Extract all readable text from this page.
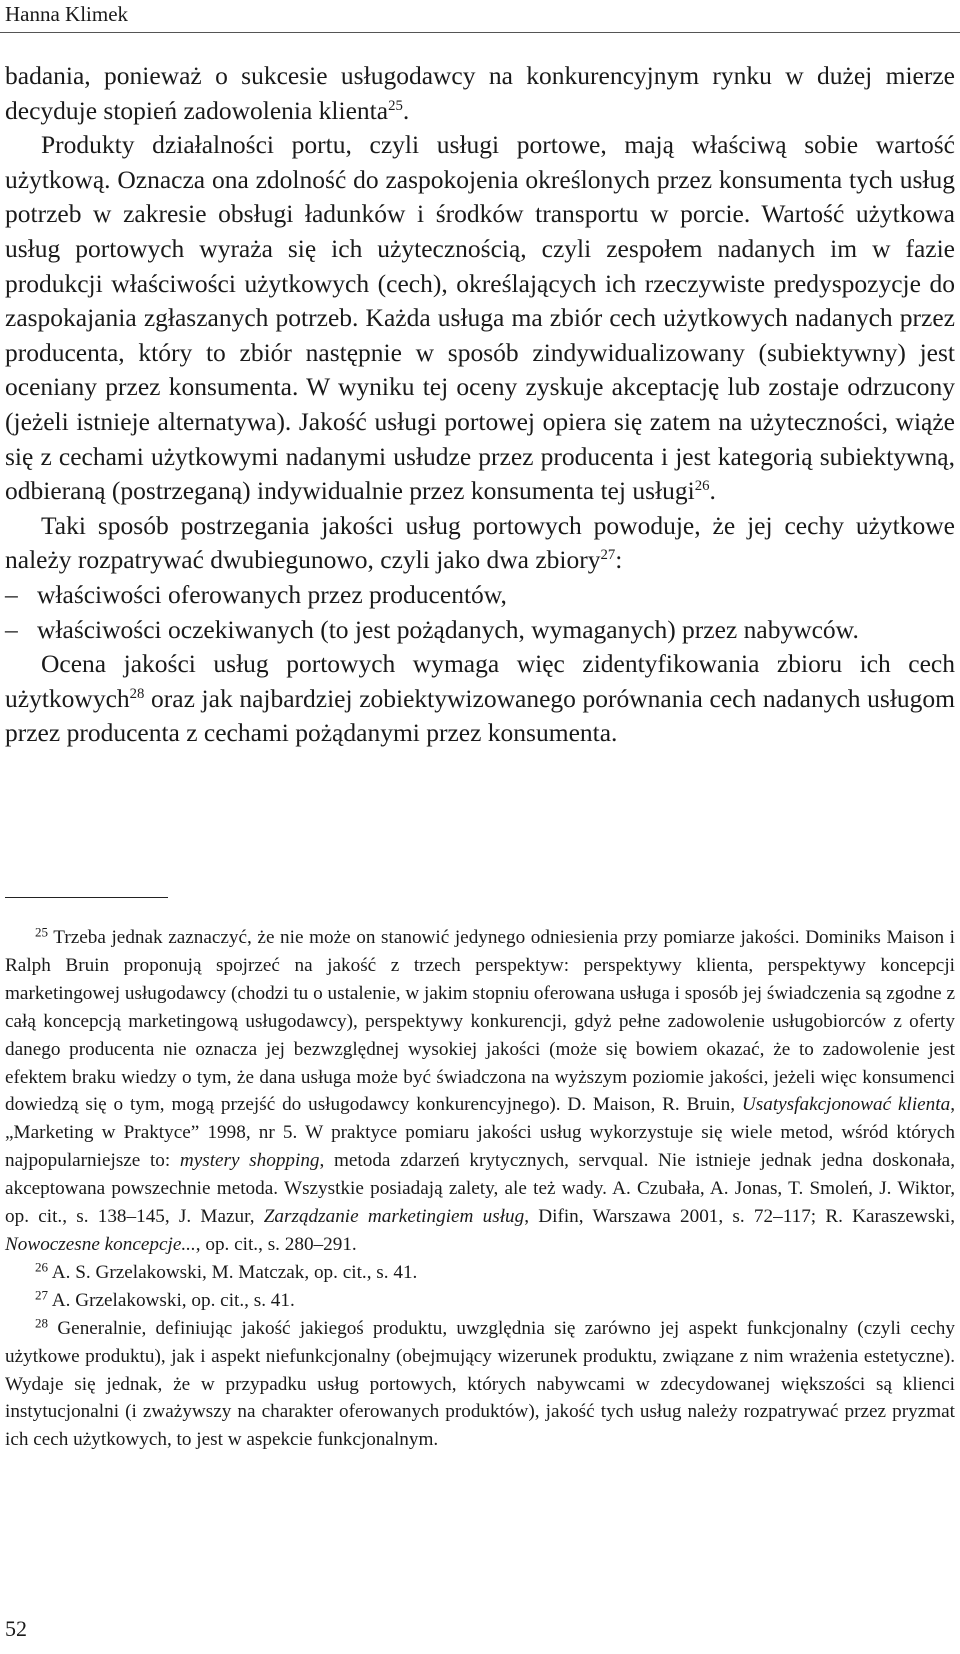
Hanna Klimek

badania, ponieważ o sukcesie usługodawcy na konkurencyjnym rynku w dużej mierze decyduje stopień zadowolenia klienta$^{25}$.

Produkty działalności portu, czyli usługi portowe, mają właściwą sobie wartość użytkową. Oznacza ona zdolność do zaspokojenia określonych przez konsumenta tych usług potrzeb w zakresie obsługi ładunków i środków transportu w porcie. Wartość użytkowa usług portowych wyraża się ich użytecznością, czyli zespołem nadanych im w fazie produkcji właściwości użytkowych (cech), określających ich rzeczywiste predyspozycje do zaspokajania zgłaszanych potrzeb. Każda usługa ma zbiór cech użytkowych nadanych przez producenta, który to zbiór następnie w sposób zindywidualizowany (subiektywny) jest oceniany przez konsumenta. W wyniku tej oceny zyskuje akceptację lub zostaje odrzucony (jeżeli istnieje alternatywa). Jakość usługi portowej opiera się zatem na użyteczności, wiąże się z cechami użytkowymi nadanymi usłudze przez producenta i jest kategorią subiektywną, odbieraną (postrzeganą) indywidualnie przez konsumenta tej usługi$^{26}$.

Taki sposób postrzegania jakości usług portowych powoduje, że jej cechy użytkowe należy rozpatrywać dwubiegunowo, czyli jako dwa zbiory$^{27}$:

– właściwości oferowanych przez producentów,
– właściwości oczekiwanych (to jest pożądanych, wymaganych) przez nabywców.

Ocena jakości usług portowych wymaga więc zidentyfikowania zbioru ich cech użytkowych$^{28}$ oraz jak najbardziej zobiektywizowanego porównania cech nadanych usługom przez producenta z cechami pożądanymi przez konsumenta.

$^{25}$ Trzeba jednak zaznaczyć, że nie może on stanowić jedynego odniesienia przy pomiarze jakości. Dominiks Maison i Ralph Bruin proponują spojrzeć na jakość z trzech perspektyw: perspektywy klienta, perspektywy koncepcji marketingowej usługodawcy (chodzi tu o ustalenie, w jakim stopniu oferowana usługa i sposób jej świadczenia są zgodne z całą koncepcją marketingową usługodawcy), perspektywy konkurencji, gdyż pełne zadowolenie usługobiorców z oferty danego producenta nie oznacza jej bezwzględnej wysokiej jakości (może się bowiem okazać, że to zadowolenie jest efektem braku wiedzy o tym, że dana usługa może być świadczona na wyższym poziomie jakości, jeżeli więc konsumenci dowiedzą się o tym, mogą przejść do usługodawcy konkurencyjnego). D. Maison, R. Bruin, Usatysfakcjonować klienta, „Marketing w Praktyce” 1998, nr 5. W praktyce pomiaru jakości usług wykorzystuje się wiele metod, wśród których najpopularniejsze to: mystery shopping, metoda zdarzeń krytycznych, servqual. Nie istnieje jednak jedna doskonała, akceptowana powszechnie metoda. Wszystkie posiadają zalety, ale też wady. A. Czubała, A. Jonas, T. Smoleń, J. Wiktor, op. cit., s. 138–145, J. Mazur, Zarządzanie marketingiem usług, Difin, Warszawa 2001, s. 72–117; R. Karaszewski, Nowoczesne koncepcje..., op. cit., s. 280–291.

$^{26}$ A. S. Grzelakowski, M. Matczak, op. cit., s. 41.

$^{27}$ A. Grzelakowski, op. cit., s. 41.

$^{28}$ Generalnie, definiując jakość jakiegoś produktu, uwzględnia się zarówno jej aspekt funkcjonalny (czyli cechy użytkowe produktu), jak i aspekt niefunkcjonalny (obejmujący wizerunek produktu, związane z nim wrażenia estetyczne). Wydaje się jednak, że w przypadku usług portowych, których nabywcami w zdecydowanej większości są klienci instytucjonalni (i zważywszy na charakter oferowanych produktów), jakość tych usług należy rozpatrywać przez pryzmat ich cech użytkowych, to jest w aspekcie funkcjonalnym.

52
